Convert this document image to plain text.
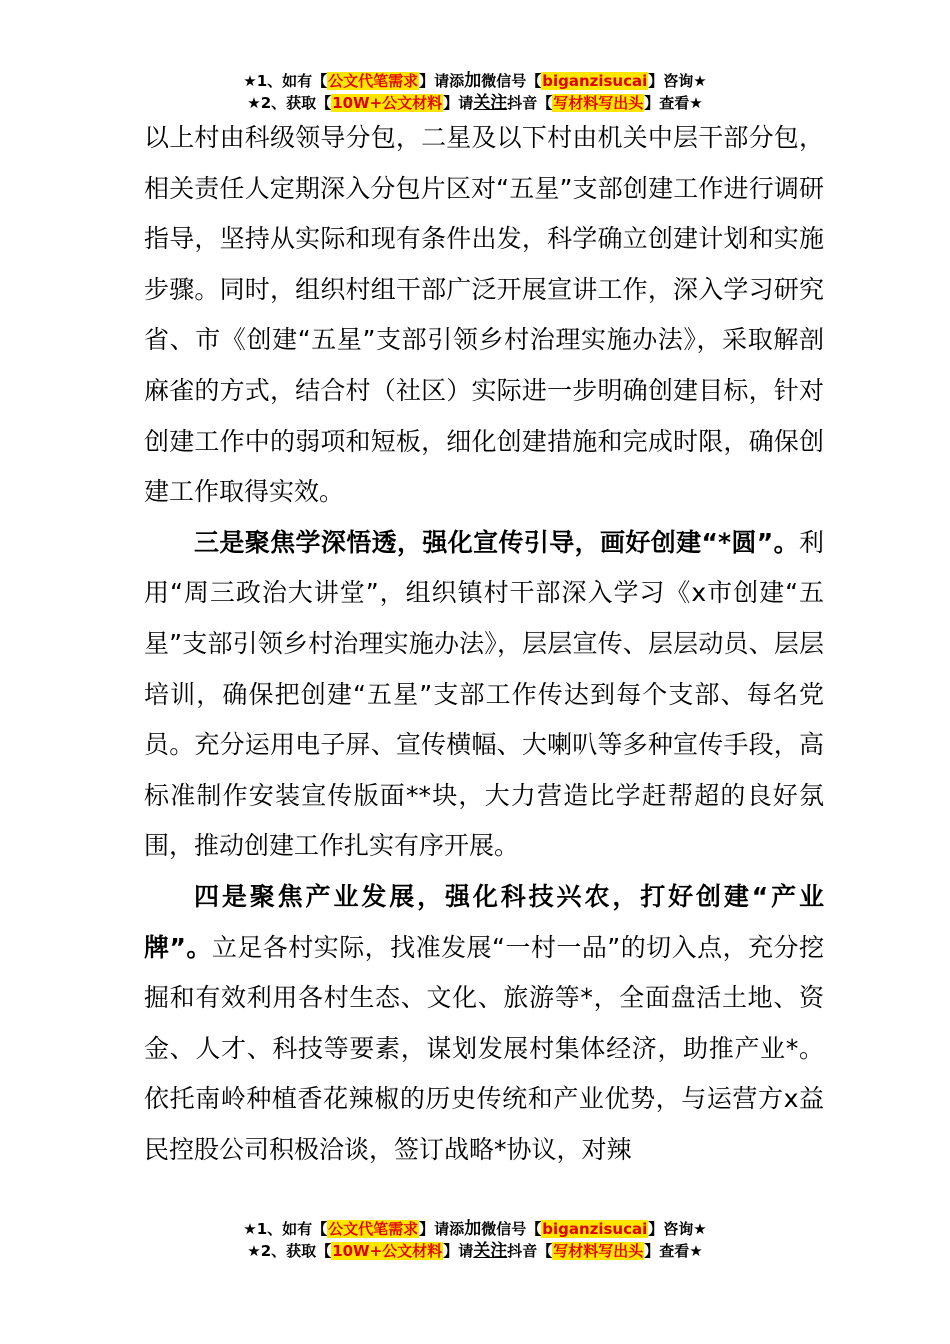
★1、如有【公文代笔需求】请添加微信号【biganzisucai】咨询★
★2、获取【10W+公文材料】请关注抖音【写材料写出头】查看★

以上村由科级领导分包，二星及以下村由机关中层干部分包，相关责任人定期深入分包片区对“五星”支部创建工作进行调研指导，坚持从实际和现有条件出发，科学确立创建计划和实施步骤。同时，组织村组干部广泛开展宣讲工作，深入学习研究省、市《创建“五星”支部引领乡村治理实施办法》，采取解剖麻雀的方式，结合村（社区）实际进一步明确创建目标，针对创建工作中的弱项和短板，细化创建措施和完成时限，确保创建工作取得实效。

三是聚焦学深悟透，强化宣传引导，画好创建“*圆”。利用“周三政治大讲堂”，组织镇村干部深入学习《x市创建“五星”支部引领乡村治理实施办法》，层层宣传、层层动员、层层培训，确保把创建“五星”支部工作传达到每个支部、每名党员。充分运用电子屏、宣传横幅、大喇叭等多种宣传手段，高标准制作安装宣传版面**块，大力营造比学赶帮超的良好氛围，推动创建工作扎实有序开展。

四是聚焦产业发展，强化科技兴农，打好创建“产业牌”。立足各村实际，找准发展“一村一品”的切入点，充分挖掘和有效利用各村生态、文化、旅游等*，全面盘活土地、资金、人才、科技等要素，谋划发展村集体经济，助推产业*。依托南岭种植香花辣椒的历史传统和产业优势，与运营方x益民控股公司积极洽谈，签订战略*协议，对辣

★1、如有【公文代笔需求】请添加微信号【biganzisucai】咨询★
★2、获取【10W+公文材料】请关注抖音【写材料写出头】查看★
